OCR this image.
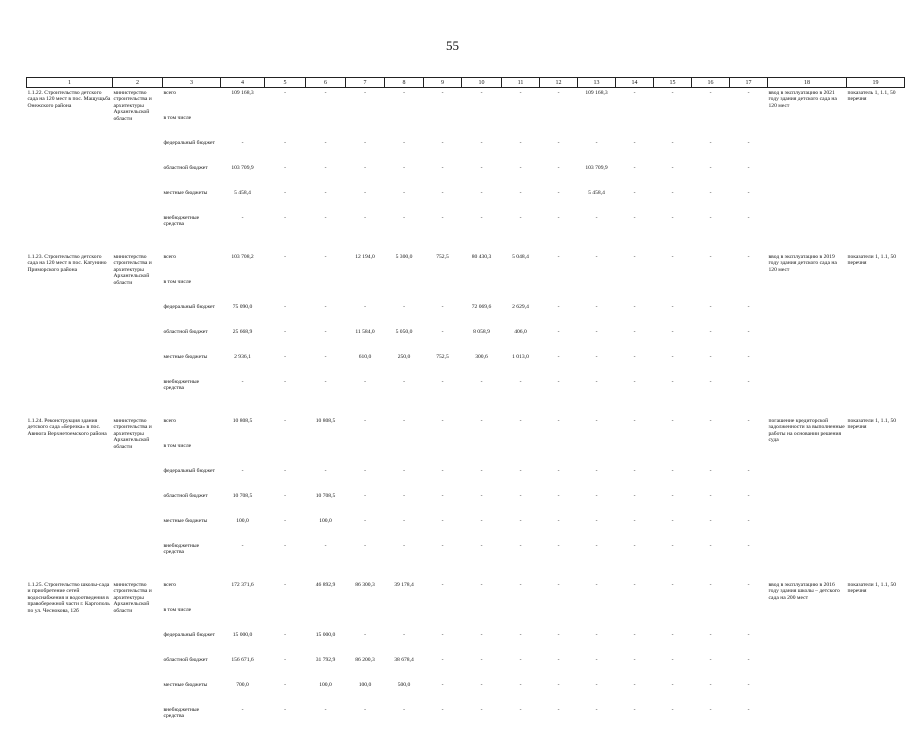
55
1	2	3	4	5	6	7	8	9	10	11	12	13	14	15	16	17	18	19
1.1.22. Строительство детского сада на 120 мест в пос. Мащущьба Онежского района	министерство строительства и архитектуры Архангельской области	всего	109 168,3	-	-	-	-	-	-	-	-	109 168,3	-	-	-	-	ввод в эксплуатацию в 2021 году здания детского сада на 120 мест	показатель 1, 1.1, 50 перечня
		в том числе																
		федеральный бюджет	-	-	-	-	-	-	-	-	-	-	-	-	-	-		
		областной бюджет	103 709,9	-	-	-	-	-	-	-	-	103 709,9	-	-	-	-		
		местные бюджеты	5 458,4	-	-	-	-	-	-	-	-	5 458,4	-	-	-	-		
		внебюджетные средства	-	-	-	-	-	-	-	-	-	-	-	-	-	-		

1.1.23. Строительство детского сада на 120 мест в пос. Катунино Приморского района	министерство строительства и архитектуры Архангельской области	всего	103 708,2	-	-	12 194,0	5 300,0	752,5	80 430,3	5 048,4	-	-	-	-	-	-	ввод в эксплуатацию в 2019 году здания детского сада на 120 мест	показатели 1, 1.1, 50 перечня
		в том числе																
		федеральный бюджет	75 090,0	-	-	-	-	-	72 069,6	2 629,4	-	-	-	-	-	-		
		областной бюджет	25 668,9	-	-	11 584,0	5 050,0	-	8 058,9	406,0	-	-	-	-	-	-		
		местные бюджеты	2 936,1	-	-	610,0	250,0	752,5	300,6	1 013,0	-	-	-	-	-	-		
		внебюджетные средства	-	-	-	-	-	-	-	-	-	-	-	-	-	-		

1.1.24. Реконструкция здания детского сада «Березка» в пос. Авнюга Верхнетоемского района	министерство строительства и архитектуры Архангельской области	всего	10 808,5	-	10 808,5	-	-	-	-	-	-	-	-	-	-	-	погашение кредиторской задолженности за выполненные работы на основании решения суда	показатели 1, 1.1, 50 перечня
		в том числе																
		федеральный бюджет	-	-	-	-	-	-	-	-	-	-	-	-	-	-		
		областной бюджет	10 708,5	-	10 708,5	-	-	-	-	-	-	-	-	-	-	-		
		местные бюджеты	100,0	-	100,0	-	-	-	-	-	-	-	-	-	-	-		
		внебюджетные средства	-	-	-	-	-	-	-	-	-	-	-	-	-	-		

1.1.25. Строительство школы-сада и приобретение сетей водоснабжения и водоотведения в правобережной части г. Каргополь по ул. Чеснокова, 12б	министерство строительства и архитектуры Архангельской области	всего	172 371,6	-	46 892,9	86 300,3	39 178,4	-	-	-	-	-	-	-	-	-	ввод в эксплуатацию в 2016 году здания школы – детского сада на 200 мест	показатели 1, 1.1, 50 перечня
		в том числе																
		федеральный бюджет	15 000,0	-	15 000,0	-	-	-	-	-	-	-	-	-	-	-		
		областной бюджет	156 671,6	-	31 792,9	86 200,3	38 678,4	-	-	-	-	-	-	-	-	-		
		местные бюджеты	700,0	-	100,0	100,0	500,0	-	-	-	-	-	-	-	-	-		
		внебюджетные средства	-	-	-	-	-	-	-	-	-	-	-	-	-	-		
